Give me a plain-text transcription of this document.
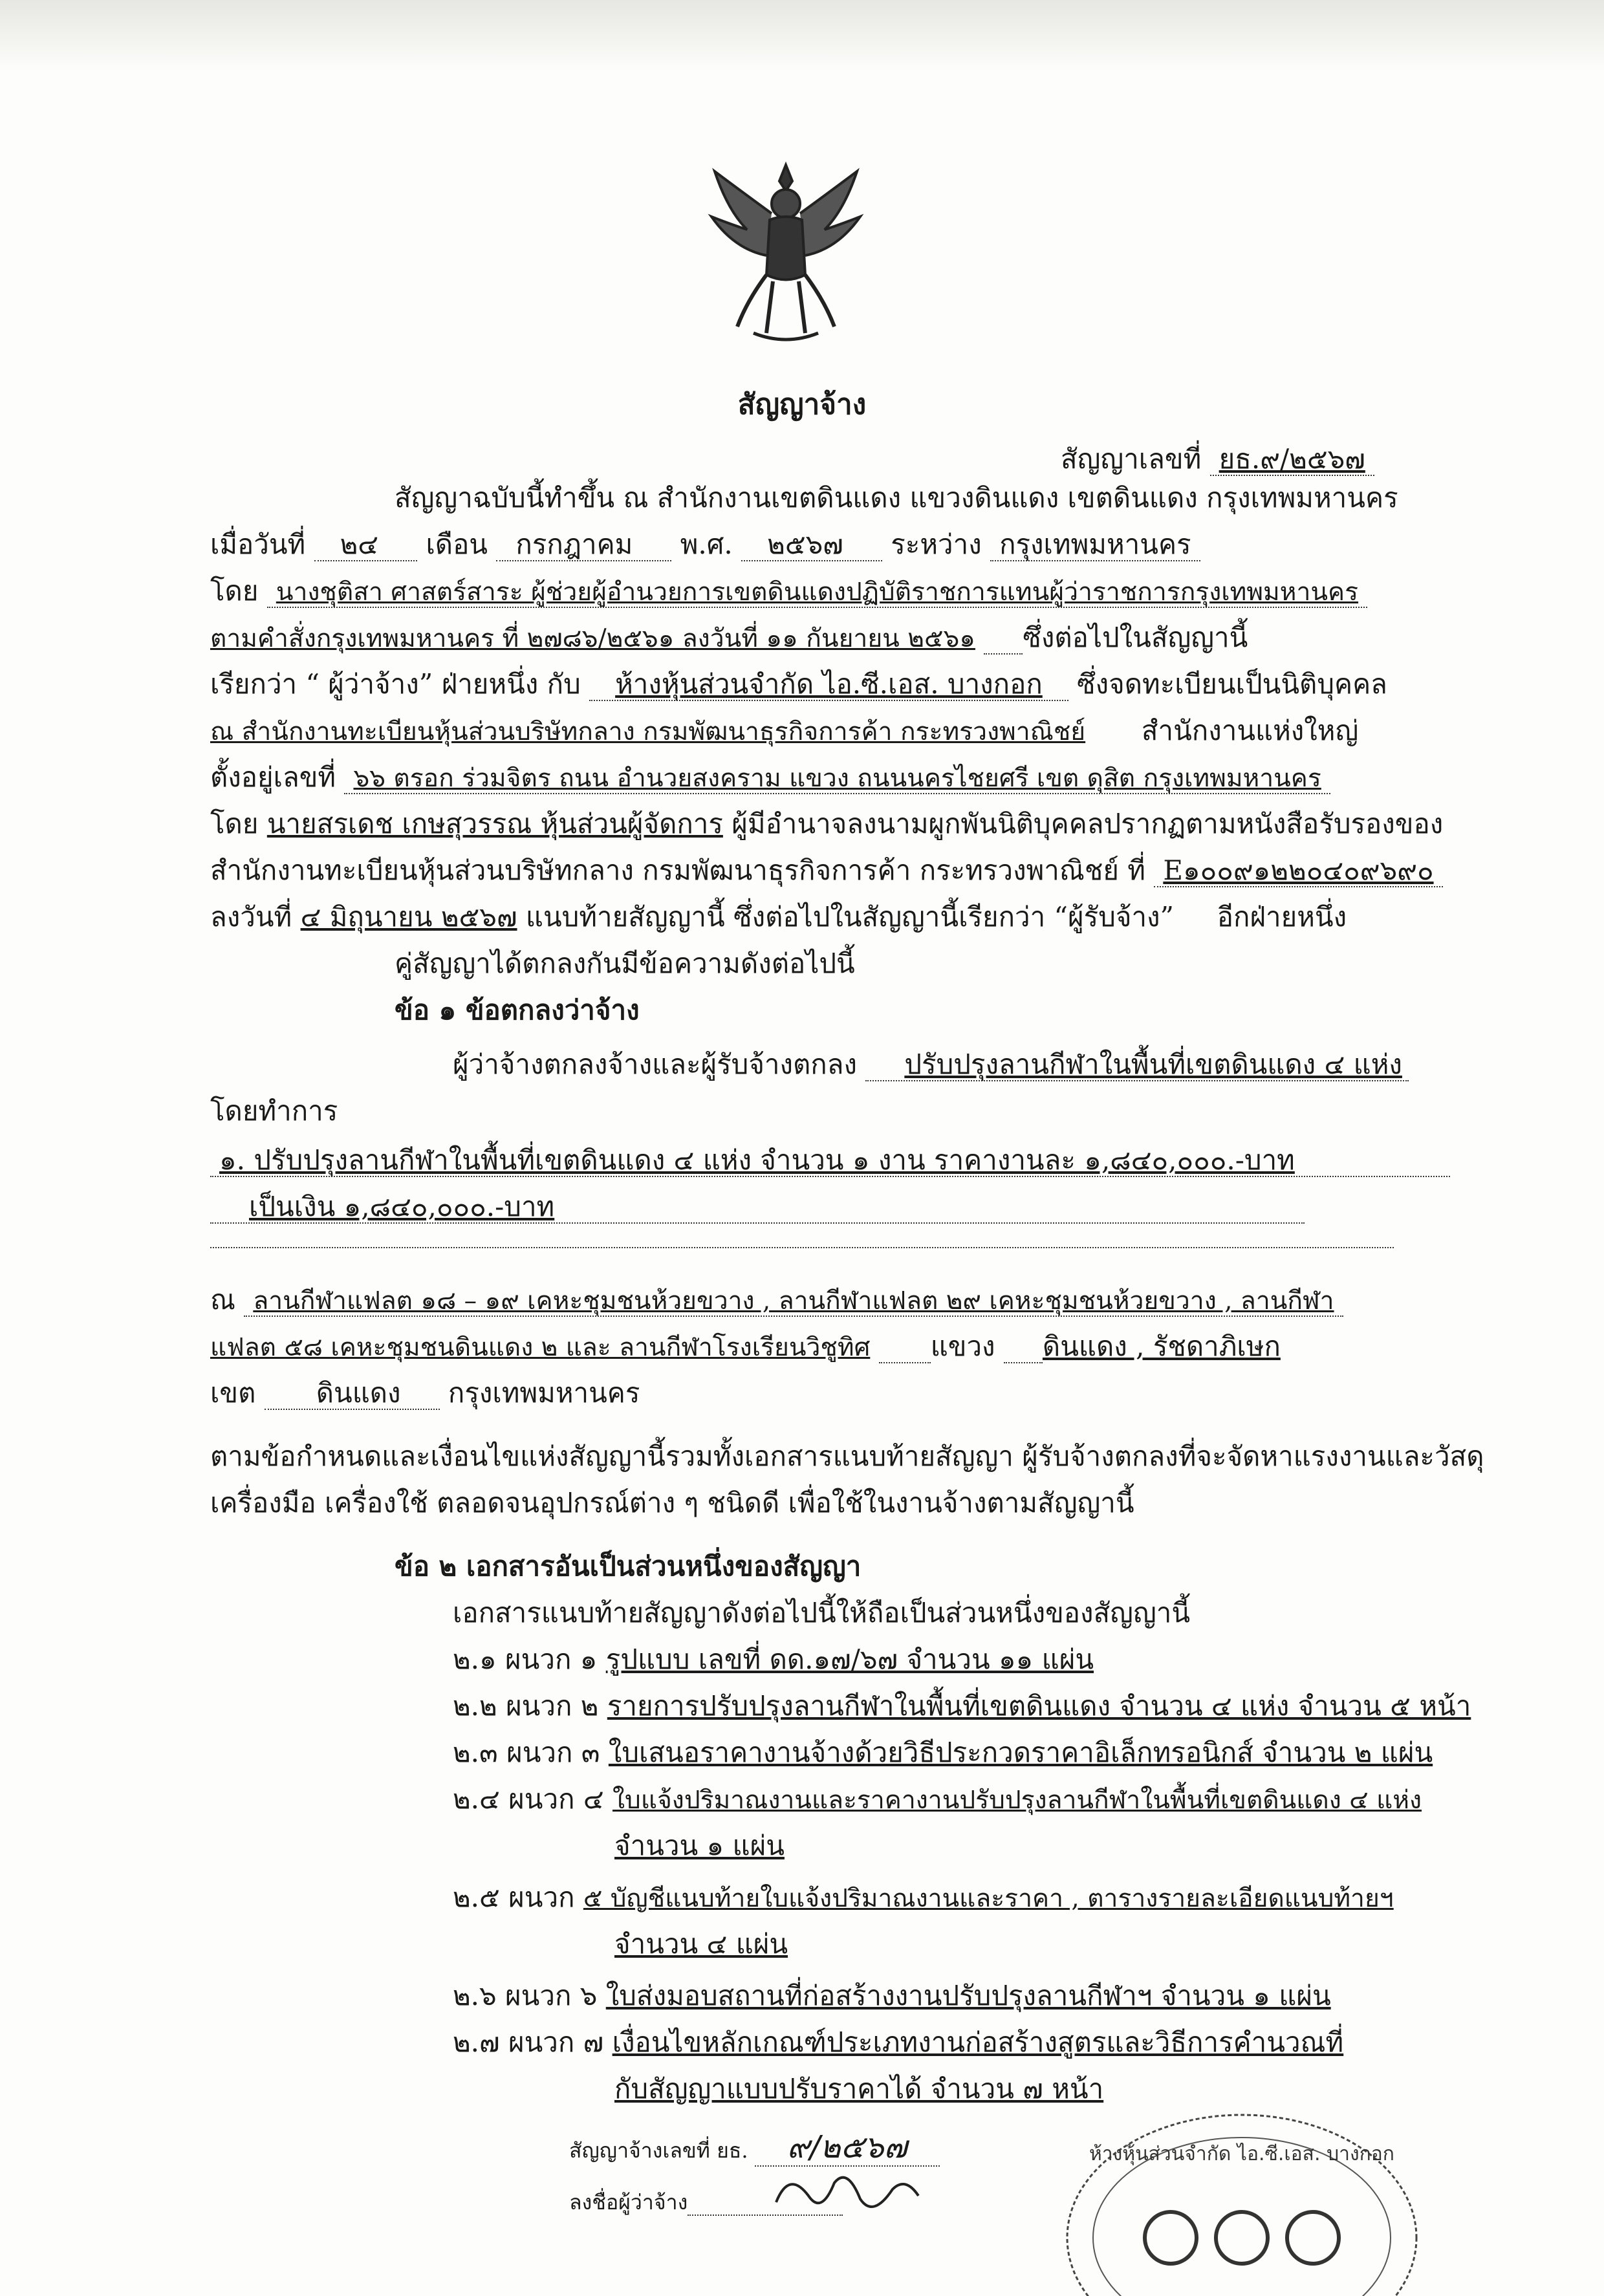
สัญญาจ้าง
สัญญาเลขที่ ยธ.๙/๒๕๖๗
สัญญาฉบับนี้ทำขึ้น ณ สำนักงานเขตดินแดง แขวงดินแดง เขตดินแดง กรุงเทพมหานคร
เมื่อวันที่ ๒๔ เดือน กรกฎาคม พ.ศ. ๒๕๖๗ ระหว่าง กรุงเทพมหานคร
โดย นางชุติสา ศาสตร์สาระ ผู้ช่วยผู้อำนวยการเขตดินแดงปฏิบัติราชการแทนผู้ว่าราชการกรุงเทพมหานคร
ตามคำสั่งกรุงเทพมหานคร ที่ ๒๗๘๖/๒๕๖๑ ลงวันที่ ๑๑ กันยายน ๒๕๖๑ ซึ่งต่อไปในสัญญานี้
เรียกว่า “ ผู้ว่าจ้าง” ฝ่ายหนึ่ง กับ ห้างหุ้นส่วนจำกัด ไอ.ซี.เอส. บางกอก ซึ่งจดทะเบียนเป็นนิติบุคคล
ณ สำนักงานทะเบียนหุ้นส่วนบริษัทกลาง กรมพัฒนาธุรกิจการค้า กระทรวงพาณิชย์ สำนักงานแห่งใหญ่
ตั้งอยู่เลขที่ ๖๖ ตรอก ร่วมจิตร ถนน อำนวยสงคราม แขวง ถนนนครไชยศรี เขต ดุสิต กรุงเทพมหานคร
โดย นายสรเดช เกษสุวรรณ หุ้นส่วนผู้จัดการ ผู้มีอำนาจลงนามผูกพันนิติบุคคลปรากฏตามหนังสือรับรองของ
สำนักงานทะเบียนหุ้นส่วนบริษัทกลาง กรมพัฒนาธุรกิจการค้า กระทรวงพาณิชย์ ที่ E๑๐๐๙๑๒๒๐๔๐๙๖๙๐
ลงวันที่ ๔ มิถุนายน ๒๕๖๗ แนบท้ายสัญญานี้ ซึ่งต่อไปในสัญญานี้เรียกว่า “ผู้รับจ้าง” อีกฝ่ายหนึ่ง
คู่สัญญาได้ตกลงกันมีข้อความดังต่อไปนี้
ข้อ ๑ ข้อตกลงว่าจ้าง
ผู้ว่าจ้างตกลงจ้างและผู้รับจ้างตกลง ปรับปรุงลานกีฬาในพื้นที่เขตดินแดง ๔ แห่ง
โดยทำการ
๑. ปรับปรุงลานกีฬาในพื้นที่เขตดินแดง ๔ แห่ง จำนวน ๑ งาน ราคางานละ ๑,๘๔๐,๐๐๐.-บาท
เป็นเงิน ๑,๘๔๐,๐๐๐.-บาท
ณ ลานกีฬาแฟลต ๑๘ – ๑๙ เคหะชุมชนห้วยขวาง , ลานกีฬาแฟลต ๒๙ เคหะชุมชนห้วยขวาง , ลานกีฬา
แฟลต ๕๘ เคหะชุมชนดินแดง ๒ และ ลานกีฬาโรงเรียนวิชูทิศ แขวง ดินแดง , รัชดาภิเษก
เขต ดินแดง กรุงเทพมหานคร
ตามข้อกำหนดและเงื่อนไขแห่งสัญญานี้รวมทั้งเอกสารแนบท้ายสัญญา ผู้รับจ้างตกลงที่จะจัดหาแรงงานและวัสดุ
เครื่องมือ เครื่องใช้ ตลอดจนอุปกรณ์ต่าง ๆ ชนิดดี เพื่อใช้ในงานจ้างตามสัญญานี้
ข้อ ๒ เอกสารอันเป็นส่วนหนึ่งของสัญญา
เอกสารแนบท้ายสัญญาดังต่อไปนี้ให้ถือเป็นส่วนหนึ่งของสัญญานี้
๒.๑ ผนวก ๑ รูปแบบ เลขที่ ดด.๑๗/๖๗ จำนวน ๑๑ แผ่น
๒.๒ ผนวก ๒ รายการปรับปรุงลานกีฬาในพื้นที่เขตดินแดง จำนวน ๔ แห่ง จำนวน ๕ หน้า
๒.๓ ผนวก ๓ ใบเสนอราคางานจ้างด้วยวิธีประกวดราคาอิเล็กทรอนิกส์ จำนวน ๒ แผ่น
๒.๔ ผนวก ๔ ใบแจ้งปริมาณงานและราคางานปรับปรุงลานกีฬาในพื้นที่เขตดินแดง ๔ แห่ง
จำนวน ๑ แผ่น
๒.๕ ผนวก ๕ บัญชีแนบท้ายใบแจ้งปริมาณงานและราคา , ตารางรายละเอียดแนบท้ายฯ
จำนวน ๔ แผ่น
๒.๖ ผนวก ๖ ใบส่งมอบสถานที่ก่อสร้างงานปรับปรุงลานกีฬาฯ จำนวน ๑ แผ่น
๒.๗ ผนวก ๗ เงื่อนไขหลักเกณฑ์ประเภทงานก่อสร้างสูตรและวิธีการคำนวณที่
กับสัญญาแบบปรับราคาได้ จำนวน ๗ หน้า
สัญญาจ้างเลขที่ ยธ. ๙/๒๕๖๗
ลงชื่อผู้ว่าจ้าง
ห้างหุ้นส่วนจำกัด ไอ.ซี.เอส. บางกอก
